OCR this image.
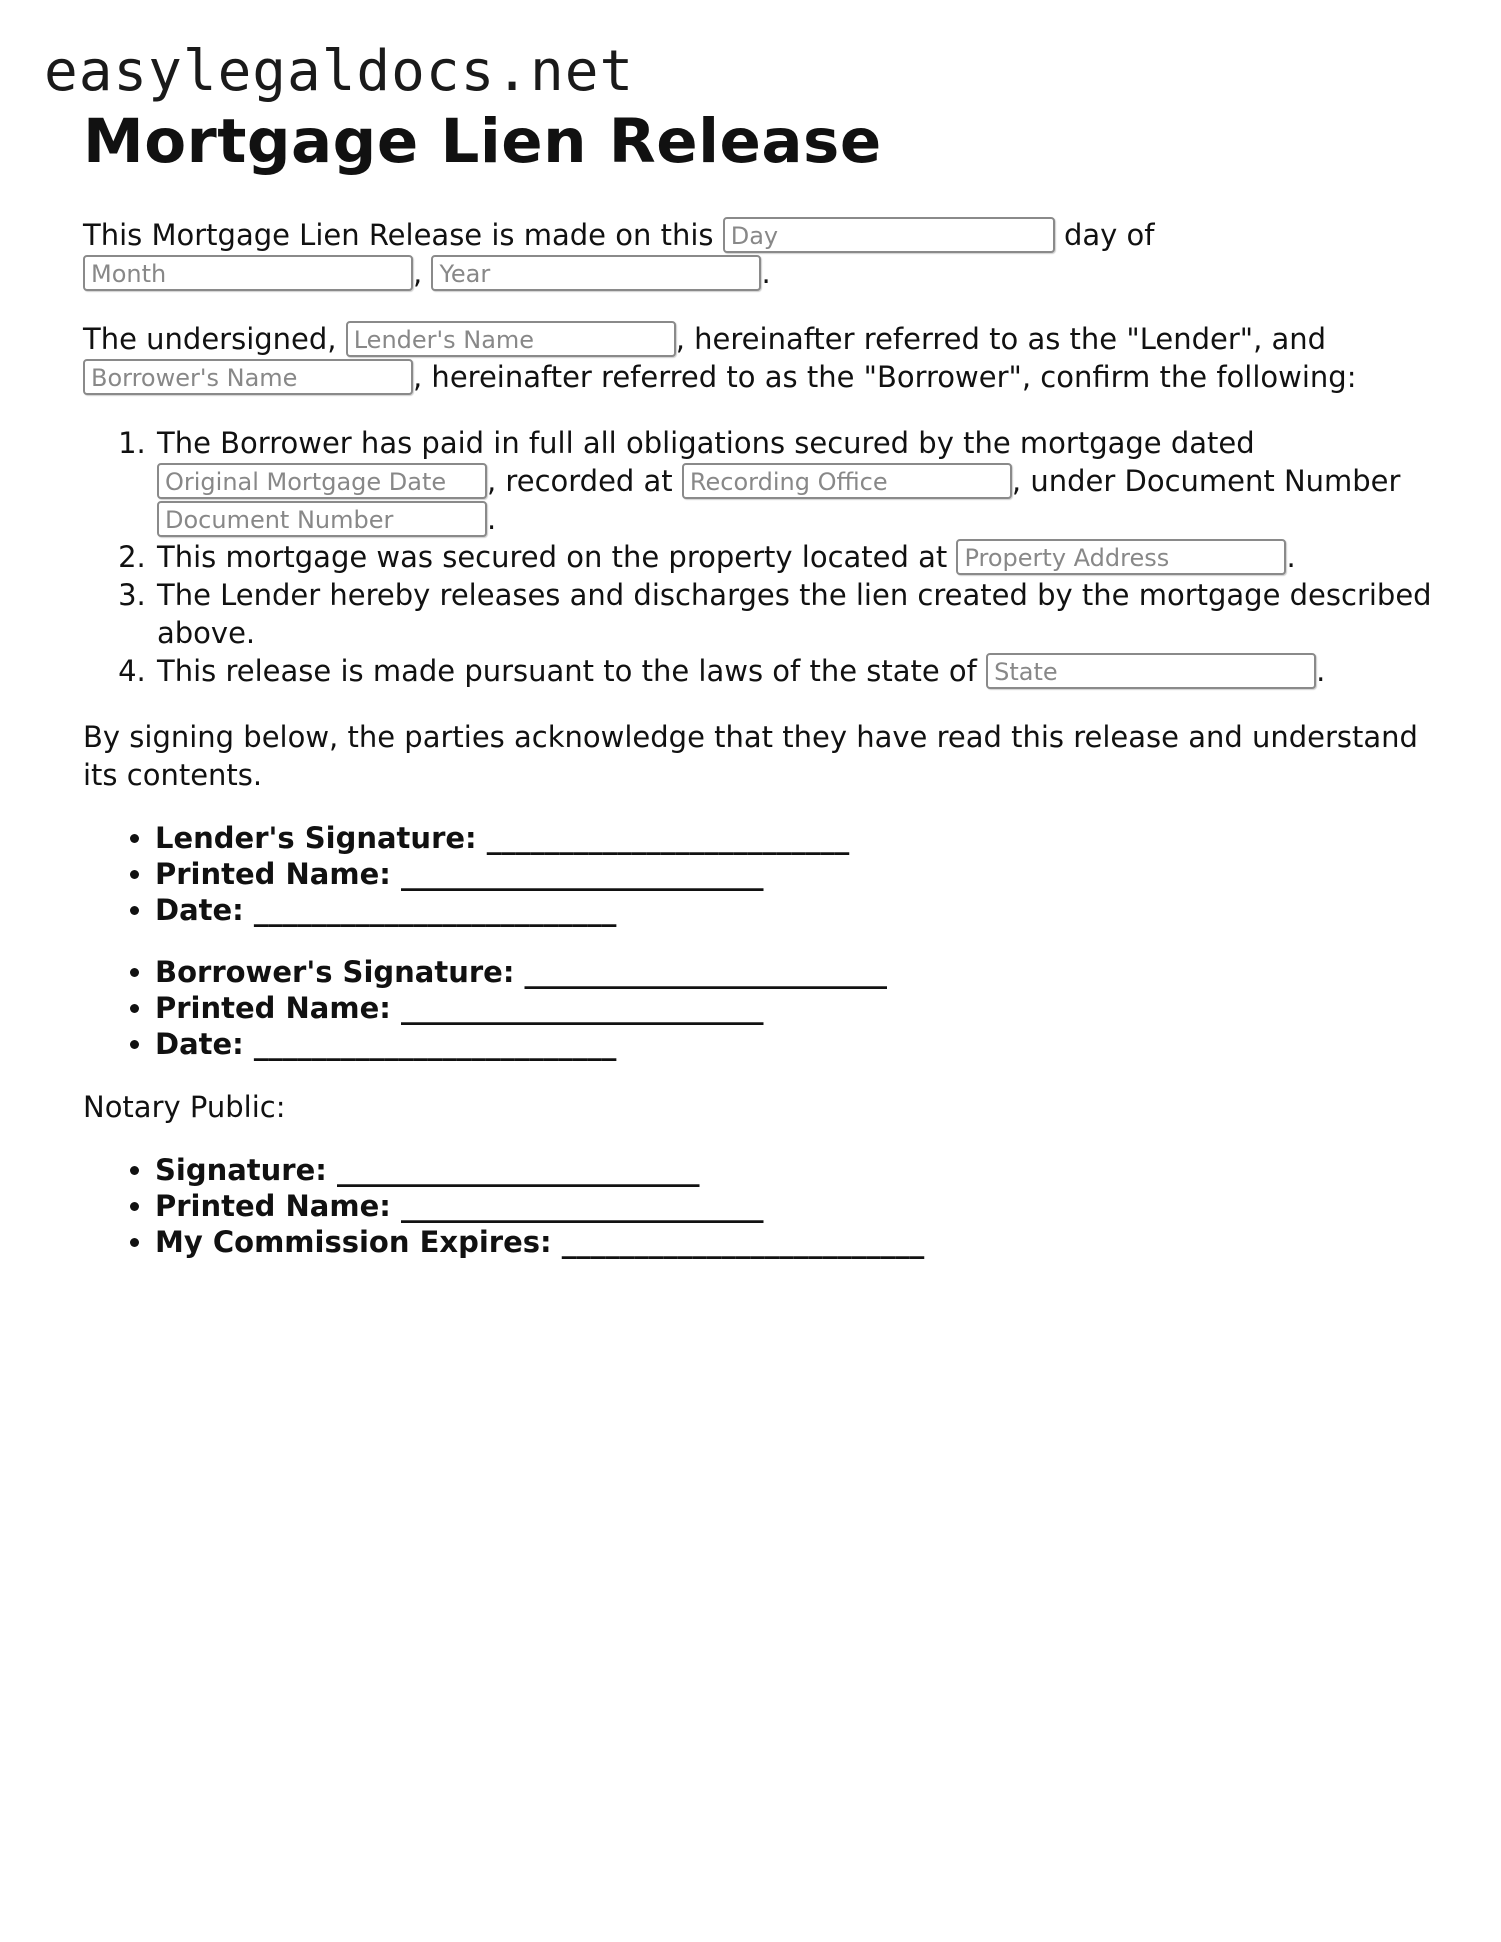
easylegaldocs.net
Mortgage Lien Release

This Mortgage Lien Release is made on this Day	day of
Month	, Year	.

The undersigned, Lender's Name	, hereinafter referred to as the "Lender", and
Borrower's Name	, hereinafter referred to as the "Borrower", confirm the following:

1. The Borrower has paid in full all obligations secured by the mortgage dated
Original Mortgage Date , recorded at Recording Office	, under Document Number
Document Number	.
2. This mortgage was secured on the property located at Property Address	.
3. The Lender hereby releases and discharges the lien created by the mortgage described above.
4. This release is made pursuant to the laws of the state of State	.

By signing below, the parties acknowledge that they have read this release and understand its contents.

• Lender's Signature: _________________________
• Printed Name: _________________________
• Date: _________________________
• Borrower's Signature: _________________________
• Printed Name: _________________________
• Date: _________________________

Notary Public:

• Signature: _________________________
• Printed Name: _________________________
• My Commission Expires: _________________________
